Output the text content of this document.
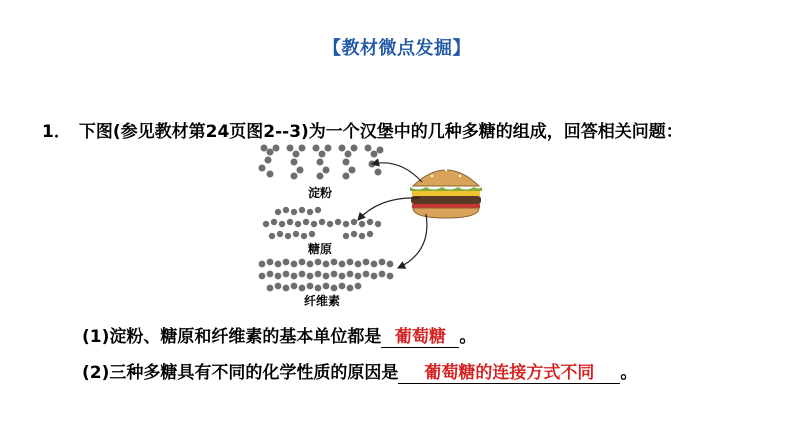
【教材微点发掘】
1． 下图(参见教材第24页图2--3)为一个汉堡中的几种多糖的组成，回答相关问题：
淀粉
糖原
纤维素
(1)淀粉、糖原和纤维素的基本单位都是 葡萄糖 。
(2)三种多糖具有不同的化学性质的原因是 葡萄糖的连接方式不同 。
